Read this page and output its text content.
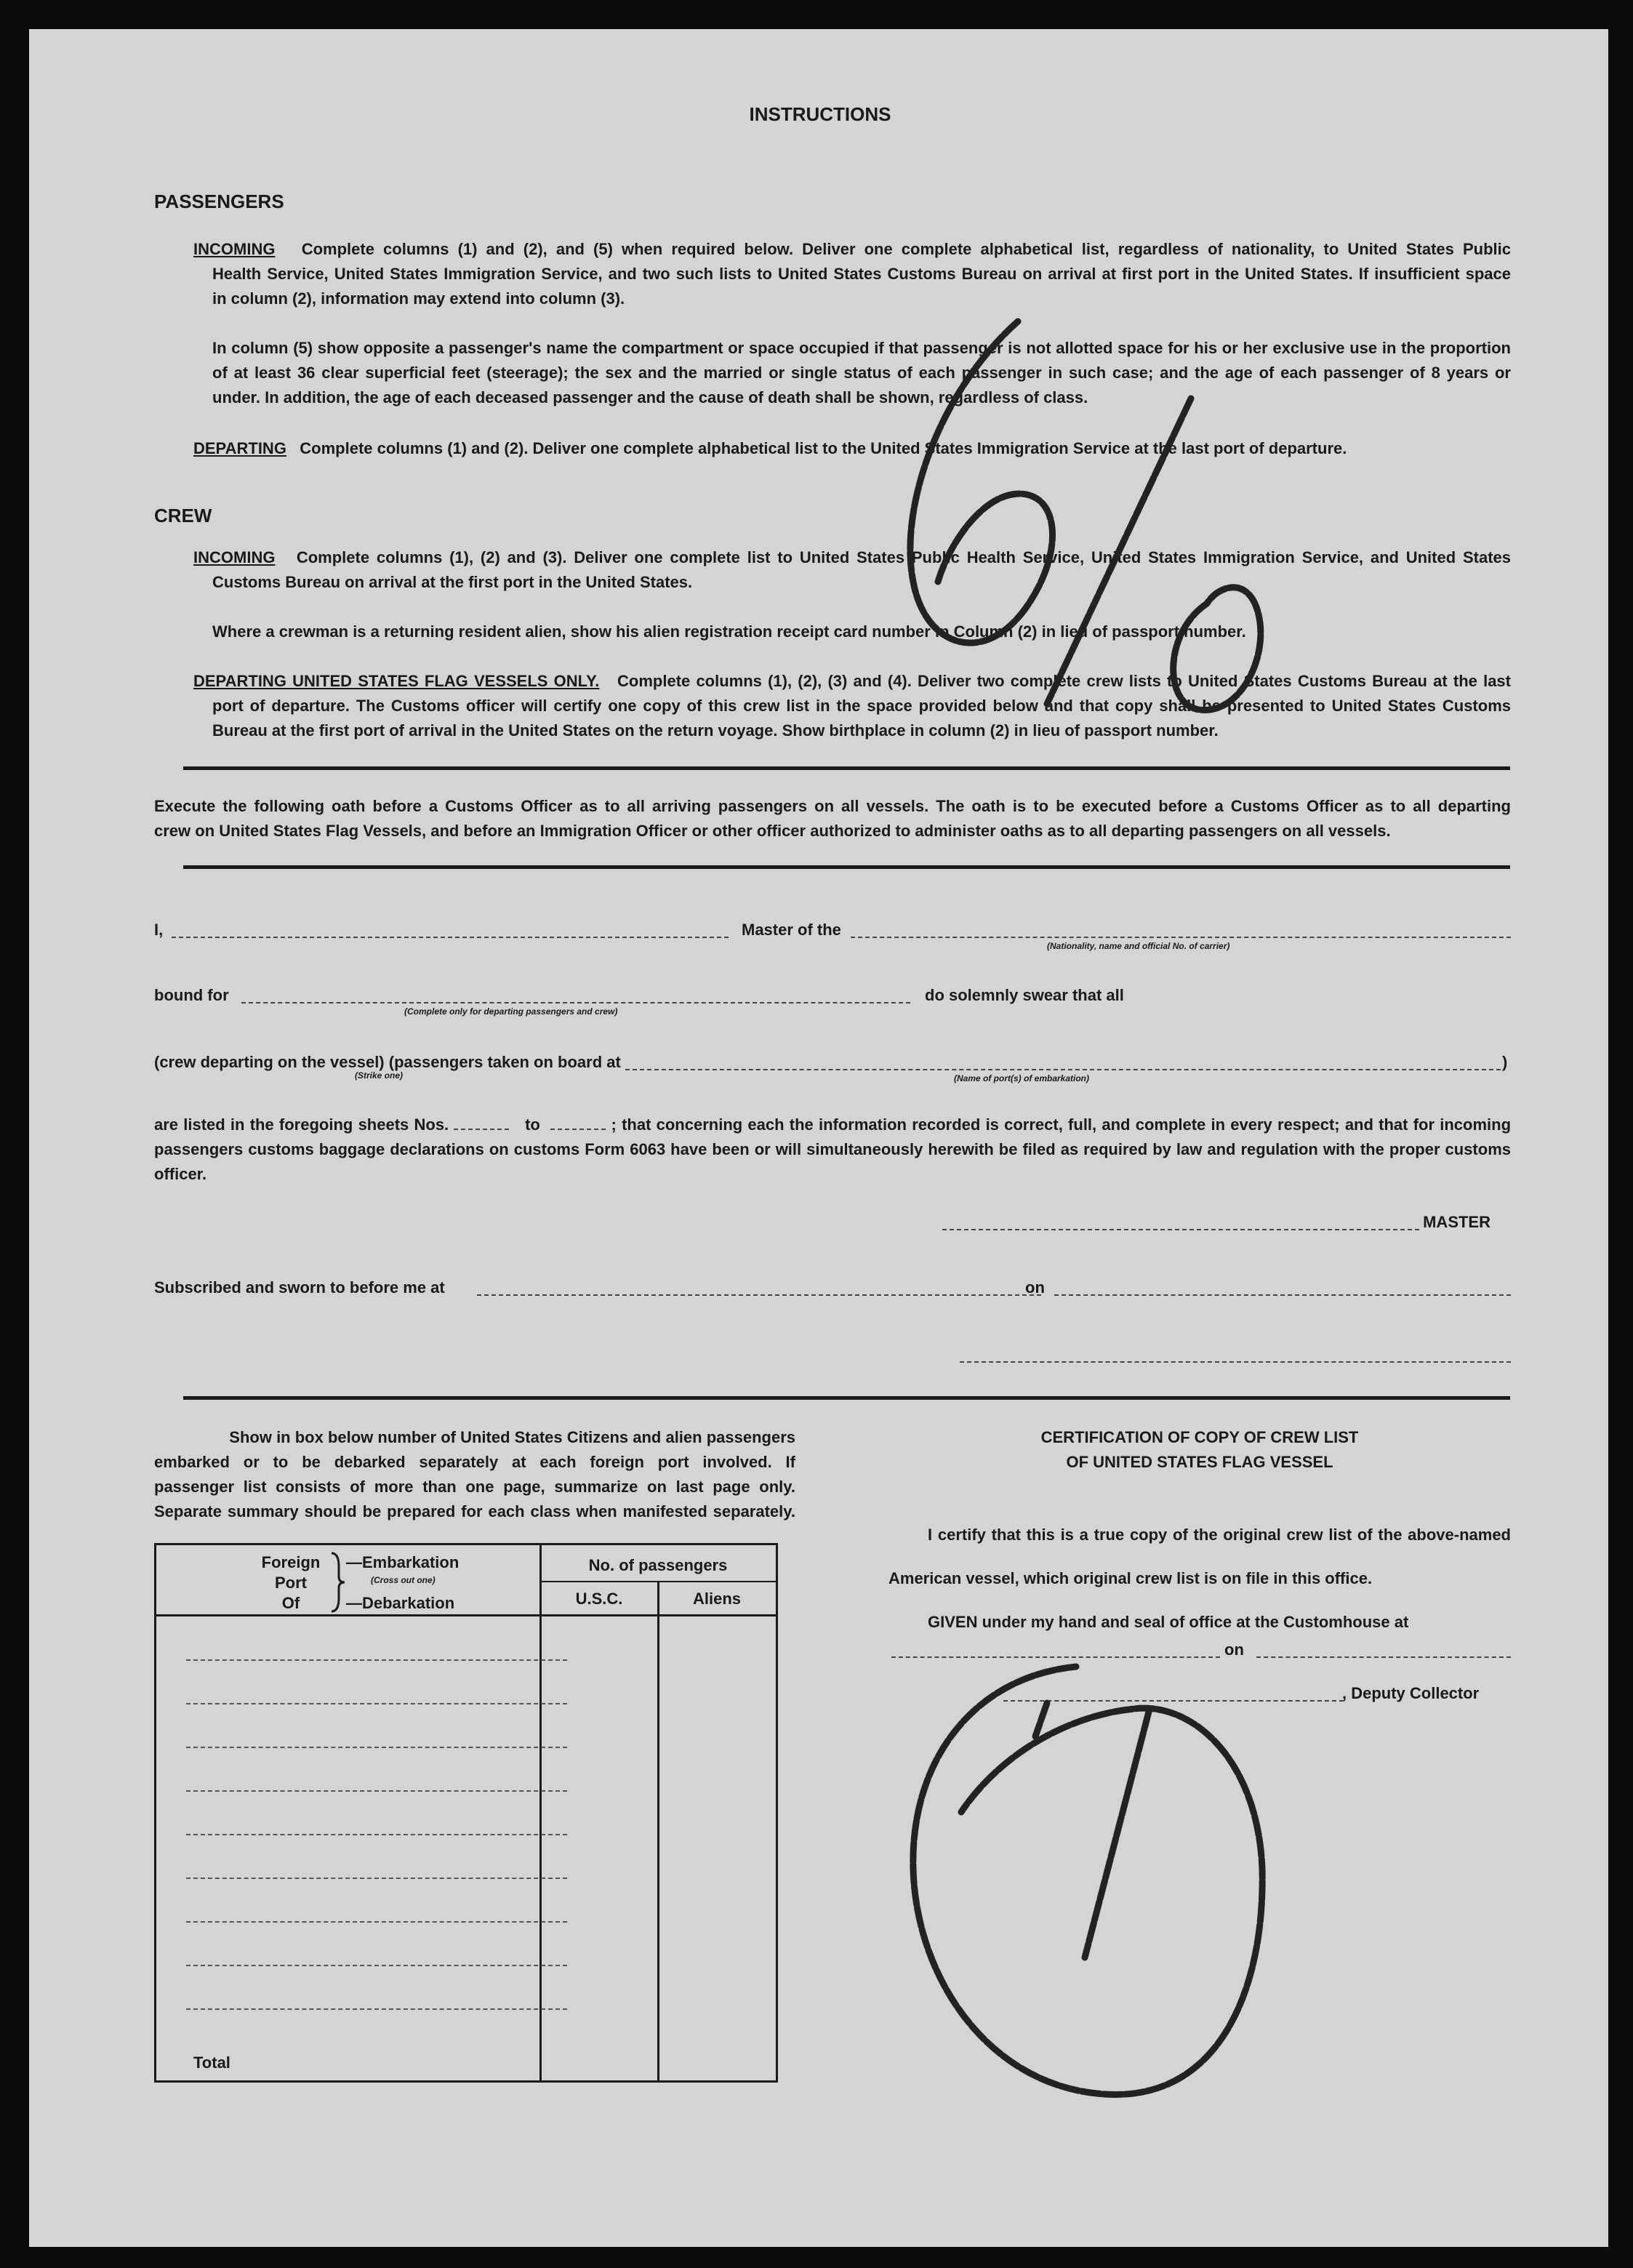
INSTRUCTIONS
PASSENGERS
INCOMING Complete columns (1) and (2), and (5) when required below. Deliver one complete alphabetical list, regardless of nationality, to United States Public
Health Service, United States Immigration Service, and two such lists to United States Customs Bureau on arrival at first port in the United States. If insufficient space
in column (2), information may extend into column (3).
In column (5) show opposite a passenger's name the compartment or space occupied if that passenger is not allotted space for his or her exclusive use in the proportion
of at least 36 clear superficial feet (steerage); the sex and the married or single status of each passenger in such case; and the age of each passenger of 8 years or
under. In addition, the age of each deceased passenger and the cause of death shall be shown, regardless of class.
DEPARTING Complete columns (1) and (2). Deliver one complete alphabetical list to the United States Immigration Service at the last port of departure.
CREW
INCOMING Complete columns (1), (2) and (3). Deliver one complete list to United States Public Health Service, United States Immigration Service, and United States
Customs Bureau on arrival at the first port in the United States.
Where a crewman is a returning resident alien, show his alien registration receipt card number in Column (2) in lieu of passport number.
DEPARTING UNITED STATES FLAG VESSELS ONLY. Complete columns (1), (2), (3) and (4). Deliver two complete crew lists to United States Customs Bureau at the last
port of departure. The Customs officer will certify one copy of this crew list in the space provided below and that copy shall be presented to United States Customs
Bureau at the first port of arrival in the United States on the return voyage. Show birthplace in column (2) in lieu of passport number.
Execute the following oath before a Customs Officer as to all arriving passengers on all vessels. The oath is to be executed before a Customs Officer as to all departing
crew on United States Flag Vessels, and before an Immigration Officer or other officer authorized to administer oaths as to all departing passengers on all vessels.
I,	Master of the
(Nationality, name and official No. of carrier)
bound for
(Complete only for departing passengers and crew)
do solemnly swear that all
(crew departing on the vessel) (passengers taken on board at	)
(Strike one)	(Name of port(s) of embarkation)
are listed in the foregoing sheets Nos.	to	; that concerning each the information recorded is correct, full, and complete in every respect; and that for incoming
passengers customs baggage declarations on customs Form 6063 have been or will simultaneously herewith be filed as required by law and regulation with the proper customs
officer.
MASTER
Subscribed and sworn to before me at	on
Show in box below number of United States Citizens and alien passengers
embarked or to be debarked separately at each foreign port involved. If
passenger list consists of more than one page, summarize on last page only.
Separate summary should be prepared for each class when manifested separately.
Foreign
Port
Of
—Embarkation
(Cross out one)
—Debarkation
No. of passengers
U.S.C.	Aliens
Total
CERTIFICATION OF COPY OF CREW LIST
OF UNITED STATES FLAG VESSEL
I certify that this is a true copy of the original crew list of the above-named
American vessel, which original crew list is on file in this office.
GIVEN under my hand and seal of office at the Customhouse at
on
, Deputy Collector
